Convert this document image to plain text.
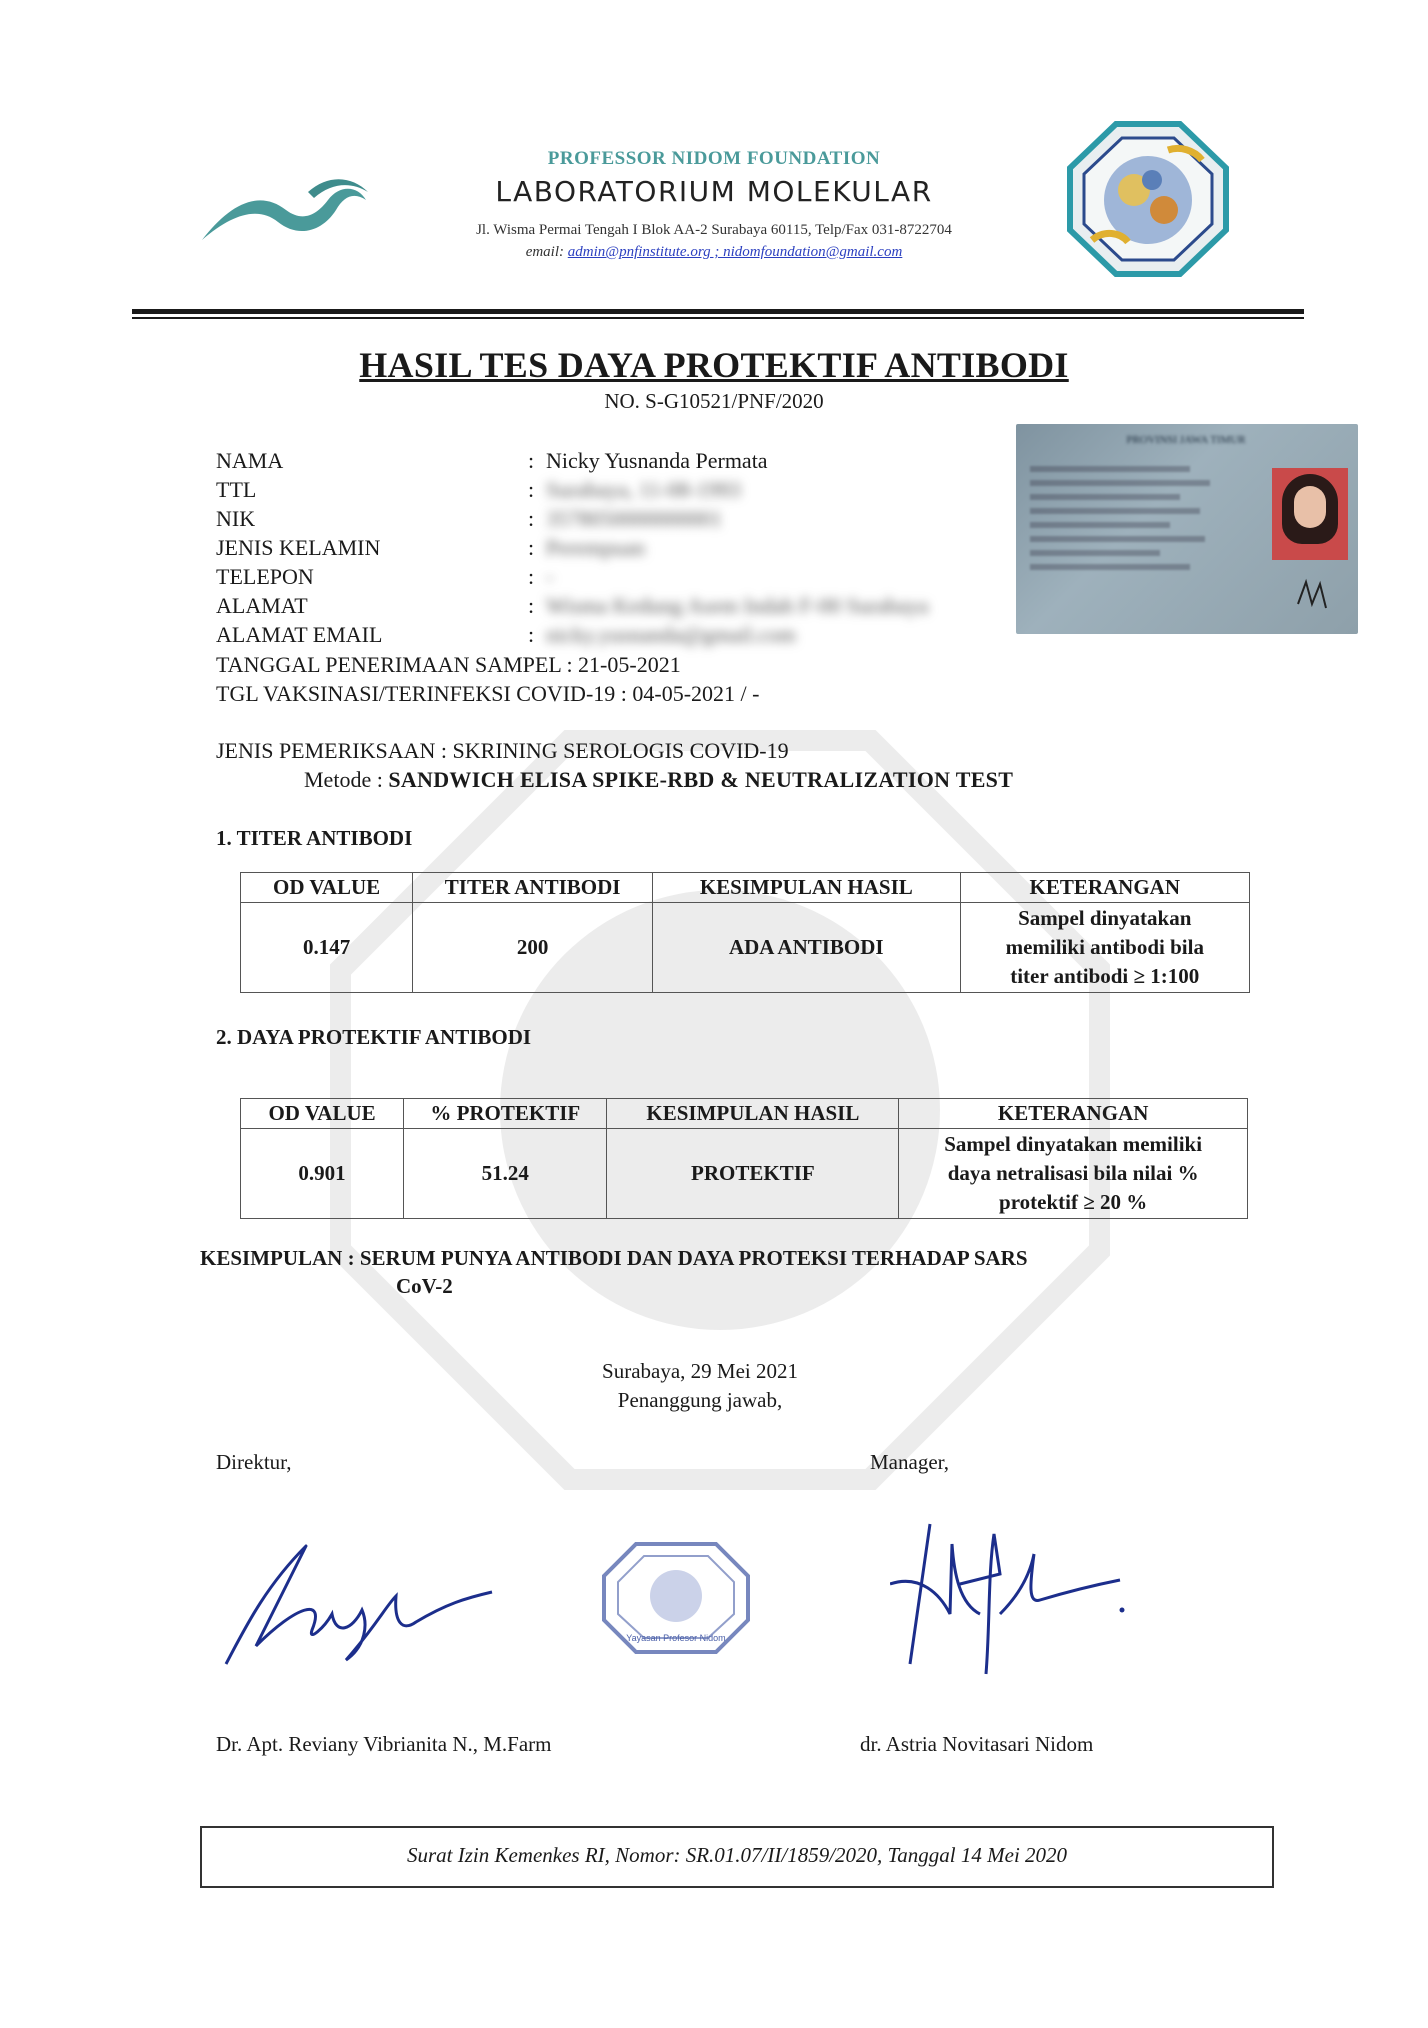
PROFESSOR NIDOM FOUNDATION
LABORATORIUM MOLEKULAR
Jl. Wisma Permai Tengah I Blok AA-2 Surabaya 60115, Telp/Fax 031-8722704
email: admin@pnfinstitute.org ; nidomfoundation@gmail.com
HASIL TES DAYA PROTEKTIF ANTIBODI
NO. S-G10521/PNF/2020
PROVINSI JAWA TIMUR
NAMA	: Nicky Yusnanda Permata
TTL	: Surabaya, 11-08-1993
NIK	: 3578050000000001
JENIS KELAMIN	: Perempuan
TELEPON	: -
ALAMAT	: Wisma Kedung Asem Indah F-00 Surabaya
ALAMAT EMAIL	: nicky.yusnanda@gmail.com
TANGGAL PENERIMAAN SAMPEL : 21-05-2021
TGL VAKSINASI/TERINFEKSI COVID-19 : 04-05-2021 / -
JENIS PEMERIKSAAN : SKRINING SEROLOGIS COVID-19
Metode : SANDWICH ELISA SPIKE-RBD & NEUTRALIZATION TEST
1. TITER ANTIBODI
OD VALUE	TITER ANTIBODI	KESIMPULAN HASIL	KETERANGAN
0.147	200	ADA ANTIBODI	Sampel dinyatakan
memiliki antibodi bila
titer antibodi ≥ 1:100
2. DAYA PROTEKTIF ANTIBODI
OD VALUE	% PROTEKTIF	KESIMPULAN HASIL	KETERANGAN
0.901	51.24	PROTEKTIF	Sampel dinyatakan memiliki
daya netralisasi bila nilai %
protektif ≥ 20 %
KESIMPULAN : SERUM PUNYA ANTIBODI DAN DAYA PROTEKSI TERHADAP SARS
CoV-2
Surabaya, 29 Mei 2021
Penanggung jawab,
Direktur,	Manager,
Yayasan Profesor Nidom
Dr. Apt. Reviany Vibrianita N., M.Farm	dr. Astria Novitasari Nidom
Surat Izin Kemenkes RI, Nomor: SR.01.07/II/1859/2020, Tanggal 14 Mei 2020
